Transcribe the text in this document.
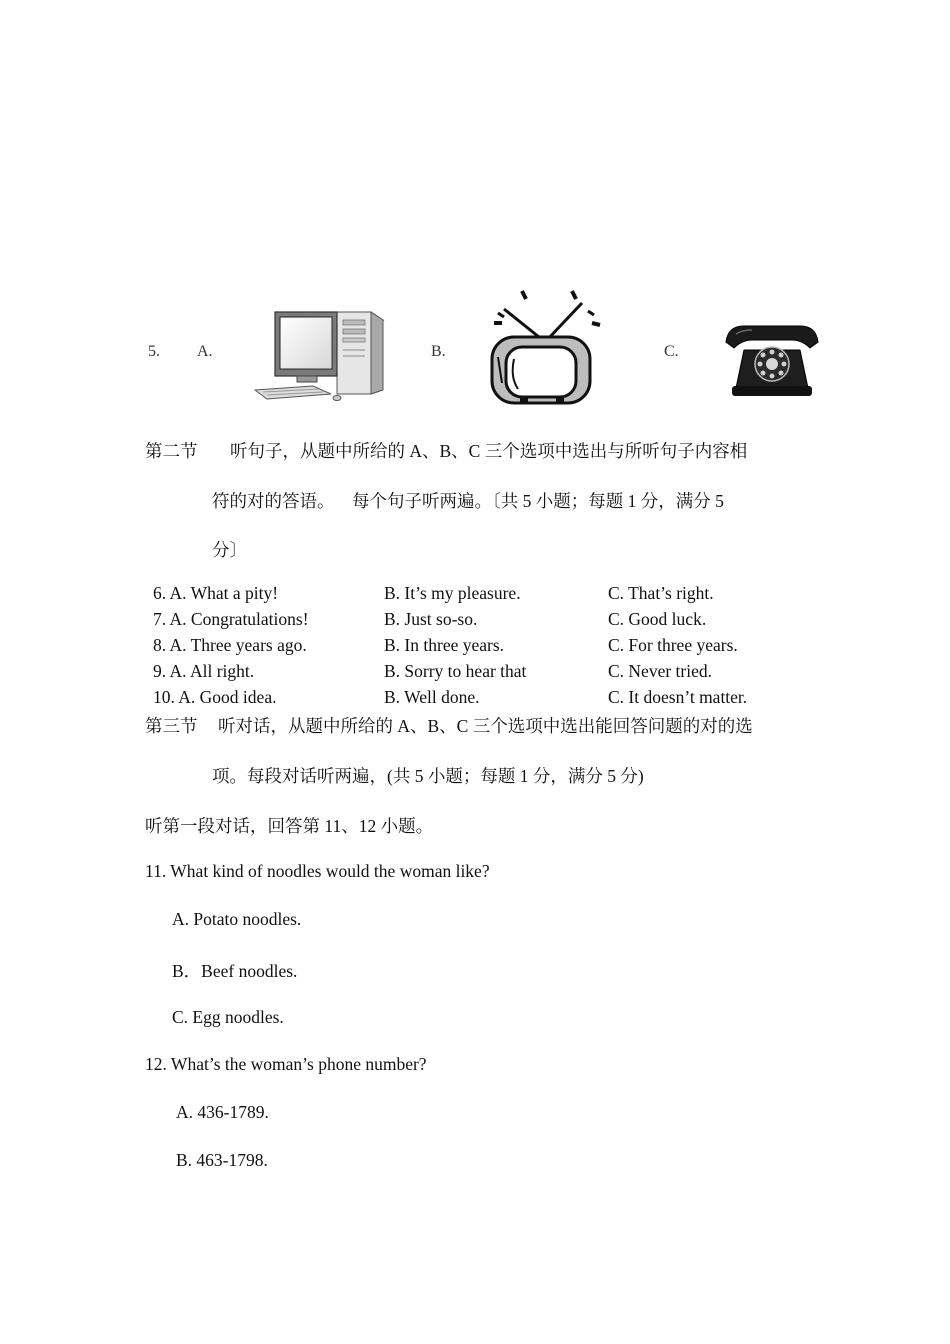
5. A.	B.	C.
第二节 听句子，从题中所给的 A、B、C 三个选项中选出与所听句子内容相
符的对的答语。    每个句子听两遍。〔共 5 小题；每题 1 分，满分 5
分〕
6. A. What a pity!	B. It’s my pleasure.	C. That’s right.
7. A. Congratulations!	B. Just so-so.	C. Good luck.
8. A. Three years ago.	B. In three years.	C. For three years.
9. A. All right.	B. Sorry to hear that	C. Never tried.
10. A. Good idea.	B. Well done.	C. It doesn’t matter.
第三节 听对话，从题中所给的 A、B、C 三个选项中选出能回答问题的对的选
项。每段对话听两遍，(共 5 小题；每题 1 分，满分 5 分)
听第一段对话，回答第 11、12 小题。
11. What kind of noodles would the woman like?
A. Potato noodles.
B．Beef noodles.
C. Egg noodles.
12. What’s the woman’s phone number?
A. 436-1789.
B. 463-1798.
